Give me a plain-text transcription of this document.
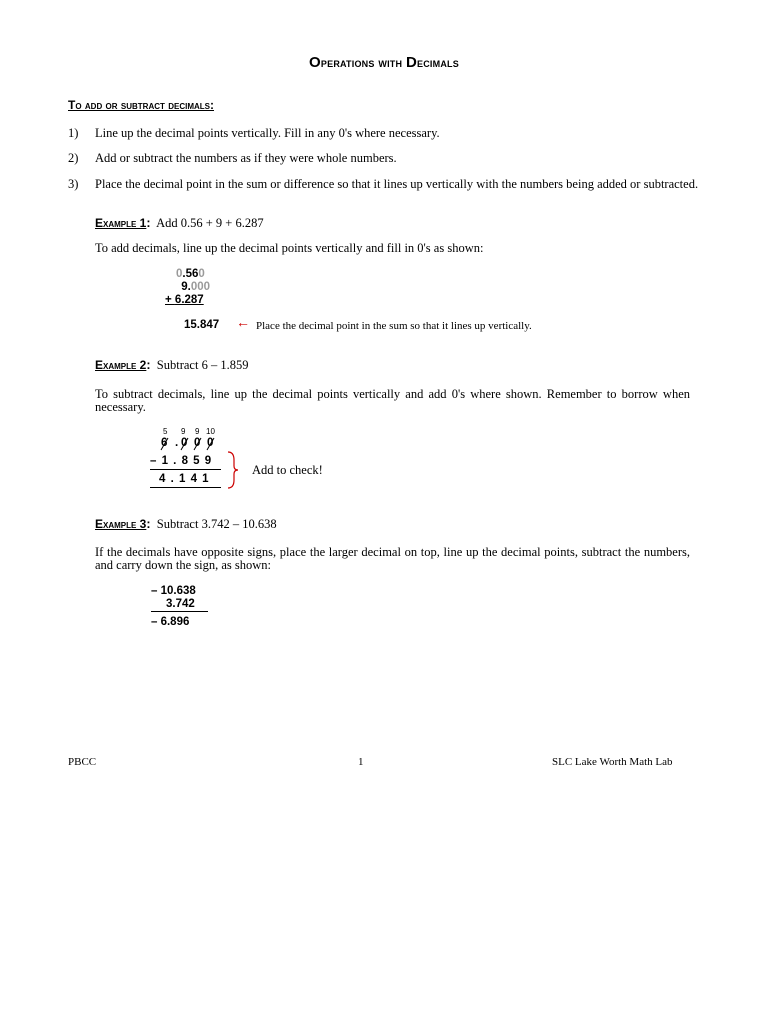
Operations with Decimals
To add or subtract decimals:
1) Line up the decimal points vertically. Fill in any 0's where necessary.
2) Add or subtract the numbers as if they were whole numbers.
3) Place the decimal point in the sum or difference so that it lines up vertically with the numbers being added or subtracted.
Example 1: Add 0.56 + 9 + 6.287
To add decimals, line up the decimal points vertically and fill in 0's as shown:
0.560
9.000
+ 6.287
15.847 ← Place the decimal point in the sum so that it lines up vertically.
Example 2: Subtract 6 – 1.859
To subtract decimals, line up the decimal points vertically and add 0's where shown. Remember to borrow when necessary.
5 9 9 10
6 . 0 0 0
– 1 . 8 5 9
4 . 1 4 1
Add to check!
Example 3: Subtract 3.742 – 10.638
If the decimals have opposite signs, place the larger decimal on top, line up the decimal points, subtract the numbers, and carry down the sign, as shown:
– 10.638
3.742
– 6.896
PBCC	1	SLC Lake Worth Math Lab
